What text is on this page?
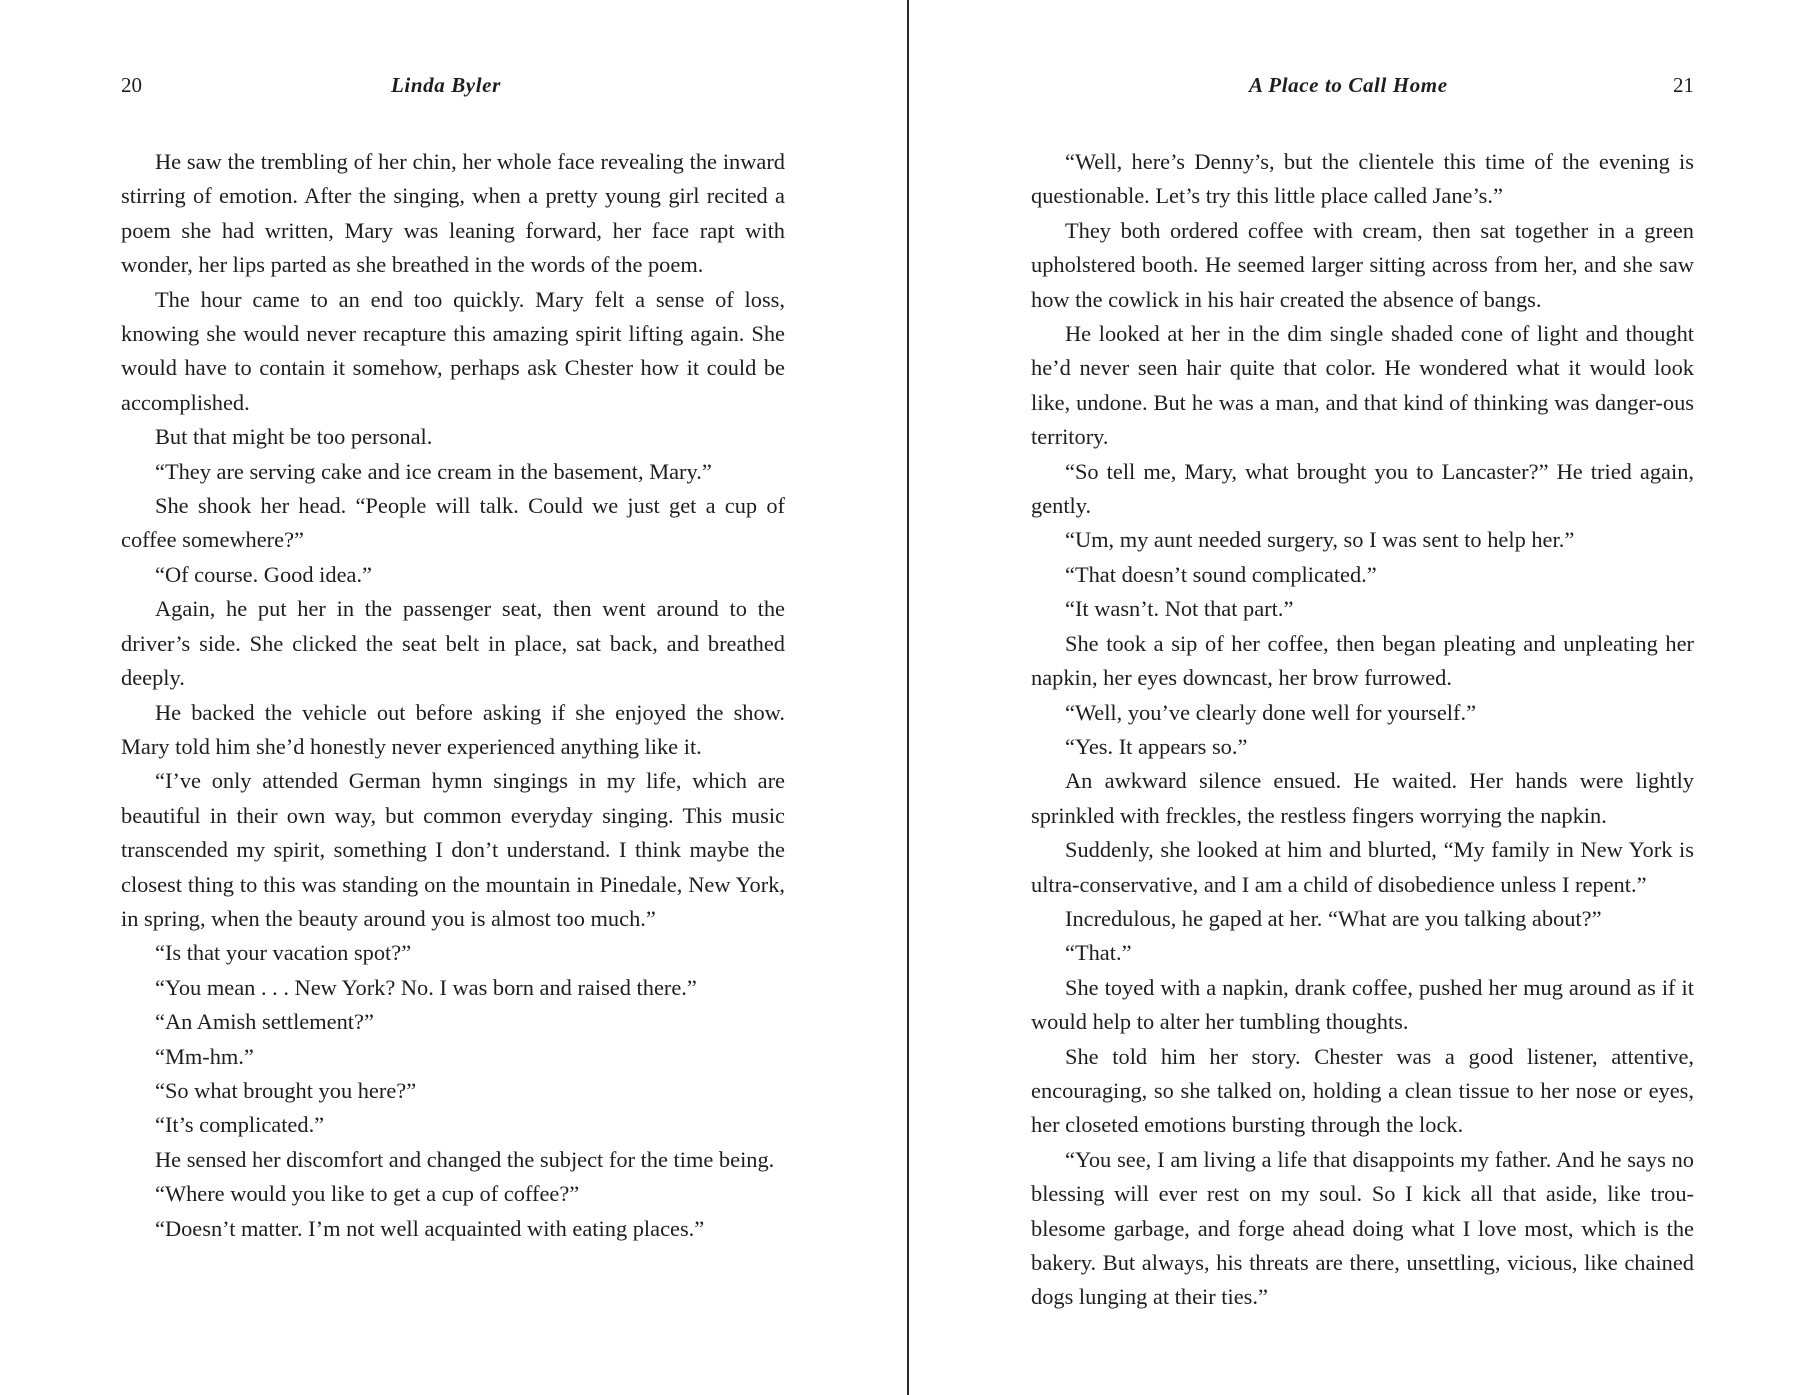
20	Linda Byler

He saw the trembling of her chin, her whole face revealing the inward stirring of emotion. After the singing, when a pretty young girl recited a poem she had written, Mary was leaning forward, her face rapt with wonder, her lips parted as she breathed in the words of the poem.

The hour came to an end too quickly. Mary felt a sense of loss, knowing she would never recapture this amazing spirit lifting again. She would have to contain it somehow, perhaps ask Chester how it could be accomplished.

But that might be too personal.

“They are serving cake and ice cream in the basement, Mary.”

She shook her head. “People will talk. Could we just get a cup of coffee somewhere?”

“Of course. Good idea.”

Again, he put her in the passenger seat, then went around to the driver’s side. She clicked the seat belt in place, sat back, and breathed deeply.

He backed the vehicle out before asking if she enjoyed the show. Mary told him she’d honestly never experienced anything like it.

“I’ve only attended German hymn singings in my life, which are beautiful in their own way, but common everyday singing. This music transcended my spirit, something I don’t understand. I think maybe the closest thing to this was standing on the mountain in Pinedale, New York, in spring, when the beauty around you is almost too much.”

“Is that your vacation spot?”

“You mean . . . New York? No. I was born and raised there.”

“An Amish settlement?”

“Mm-hm.”

“So what brought you here?”

“It’s complicated.”

He sensed her discomfort and changed the subject for the time being.

“Where would you like to get a cup of coffee?”

“Doesn’t matter. I’m not well acquainted with eating places.”

A Place to Call Home	21

“Well, here’s Denny’s, but the clientele this time of the evening is questionable. Let’s try this little place called Jane’s.”

They both ordered coffee with cream, then sat together in a green upholstered booth. He seemed larger sitting across from her, and she saw how the cowlick in his hair created the absence of bangs.

He looked at her in the dim single shaded cone of light and thought he’d never seen hair quite that color. He wondered what it would look like, undone. But he was a man, and that kind of thinking was danger-ous territory.

“So tell me, Mary, what brought you to Lancaster?” He tried again, gently.

“Um, my aunt needed surgery, so I was sent to help her.”

“That doesn’t sound complicated.”

“It wasn’t. Not that part.”

She took a sip of her coffee, then began pleating and unpleating her napkin, her eyes downcast, her brow furrowed.

“Well, you’ve clearly done well for yourself.”

“Yes. It appears so.”

An awkward silence ensued. He waited. Her hands were lightly sprinkled with freckles, the restless fingers worrying the napkin.

Suddenly, she looked at him and blurted, “My family in New York is ultra-conservative, and I am a child of disobedience unless I repent.”

Incredulous, he gaped at her. “What are you talking about?”

“That.”

She toyed with a napkin, drank coffee, pushed her mug around as if it would help to alter her tumbling thoughts.

She told him her story. Chester was a good listener, attentive, encouraging, so she talked on, holding a clean tissue to her nose or eyes, her closeted emotions bursting through the lock.

“You see, I am living a life that disappoints my father. And he says no blessing will ever rest on my soul. So I kick all that aside, like trou-blesome garbage, and forge ahead doing what I love most, which is the bakery. But always, his threats are there, unsettling, vicious, like chained dogs lunging at their ties.”
